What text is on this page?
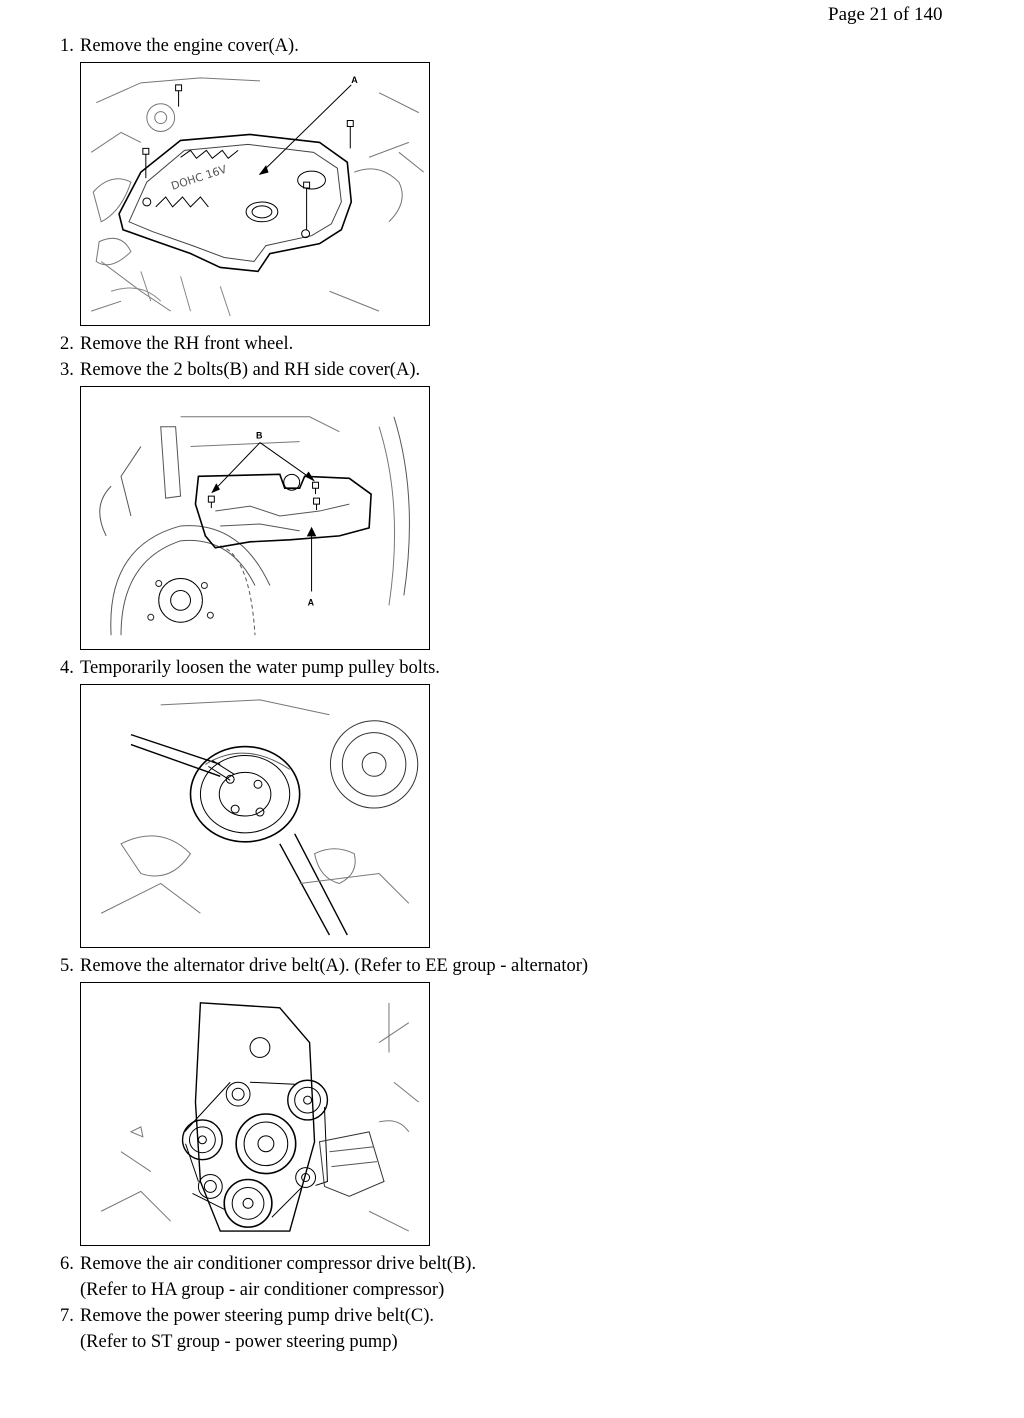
Page 21 of 140
1. Remove the engine cover(A).
DOHC 16V
A
2. Remove the RH front wheel.
3. Remove the 2 bolts(B) and RH side cover(A).
B
A
4. Temporarily loosen the water pump pulley bolts.
5. Remove the alternator drive belt(A). (Refer to EE group - alternator)
6. Remove the air conditioner compressor drive belt(B).
(Refer to HA group - air conditioner compressor)
7. Remove the power steering pump drive belt(C).
(Refer to ST group - power steering pump)
